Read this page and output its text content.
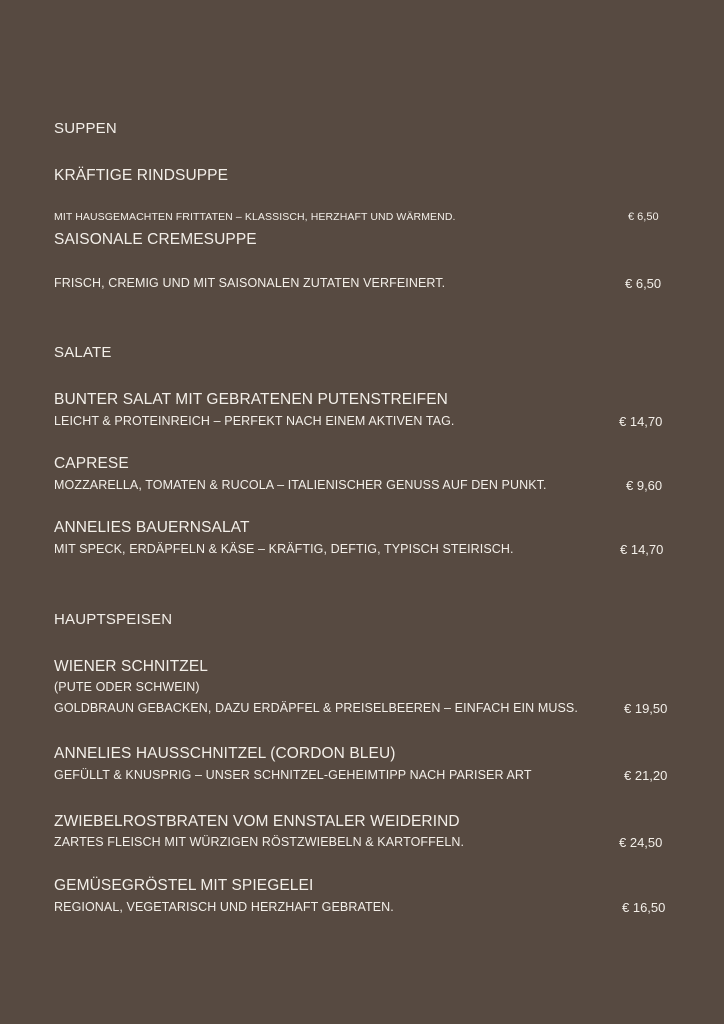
SUPPEN
KRÄFTIGE RINDSUPPE
MIT HAUSGEMACHTEN FRITTATEN – KLASSISCH, HERZHAFT UND WÄRMEND.	€ 6,50
SAISONALE CREMESUPPE
FRISCH, CREMIG UND MIT SAISONALEN ZUTATEN VERFEINERT.	€ 6,50
SALATE
BUNTER SALAT MIT GEBRATENEN PUTENSTREIFEN
LEICHT & PROTEINREICH – PERFEKT NACH EINEM AKTIVEN TAG.	€ 14,70
CAPRESE
MOZZARELLA, TOMATEN & RUCOLA – ITALIENISCHER GENUSS AUF DEN PUNKT.	€ 9,60
ANNELIES BAUERNSALAT
MIT SPECK, ERDÄPFELN & KÄSE – KRÄFTIG, DEFTIG, TYPISCH STEIRISCH.	€ 14,70
HAUPTSPEISEN
WIENER SCHNITZEL
(PUTE ODER SCHWEIN)
GOLDBRAUN GEBACKEN, DAZU ERDÄPFEL & PREISELBEEREN – EINFACH EIN MUSS.	€ 19,50
ANNELIES HAUSSCHNITZEL (CORDON BLEU)
GEFÜLLT & KNUSPRIG – UNSER SCHNITZEL-GEHEIMTIPP NACH PARISER ART	€ 21,20
ZWIEBELROSTBRATEN VOM ENNSTALER WEIDERIND
ZARTES FLEISCH MIT WÜRZIGEN RÖSTZWIEBELN & KARTOFFELN.	€ 24,50
GEMÜSEGRÖSTEL MIT SPIEGELEI
REGIONAL, VEGETARISCH UND HERZHAFT GEBRATEN.	€ 16,50
